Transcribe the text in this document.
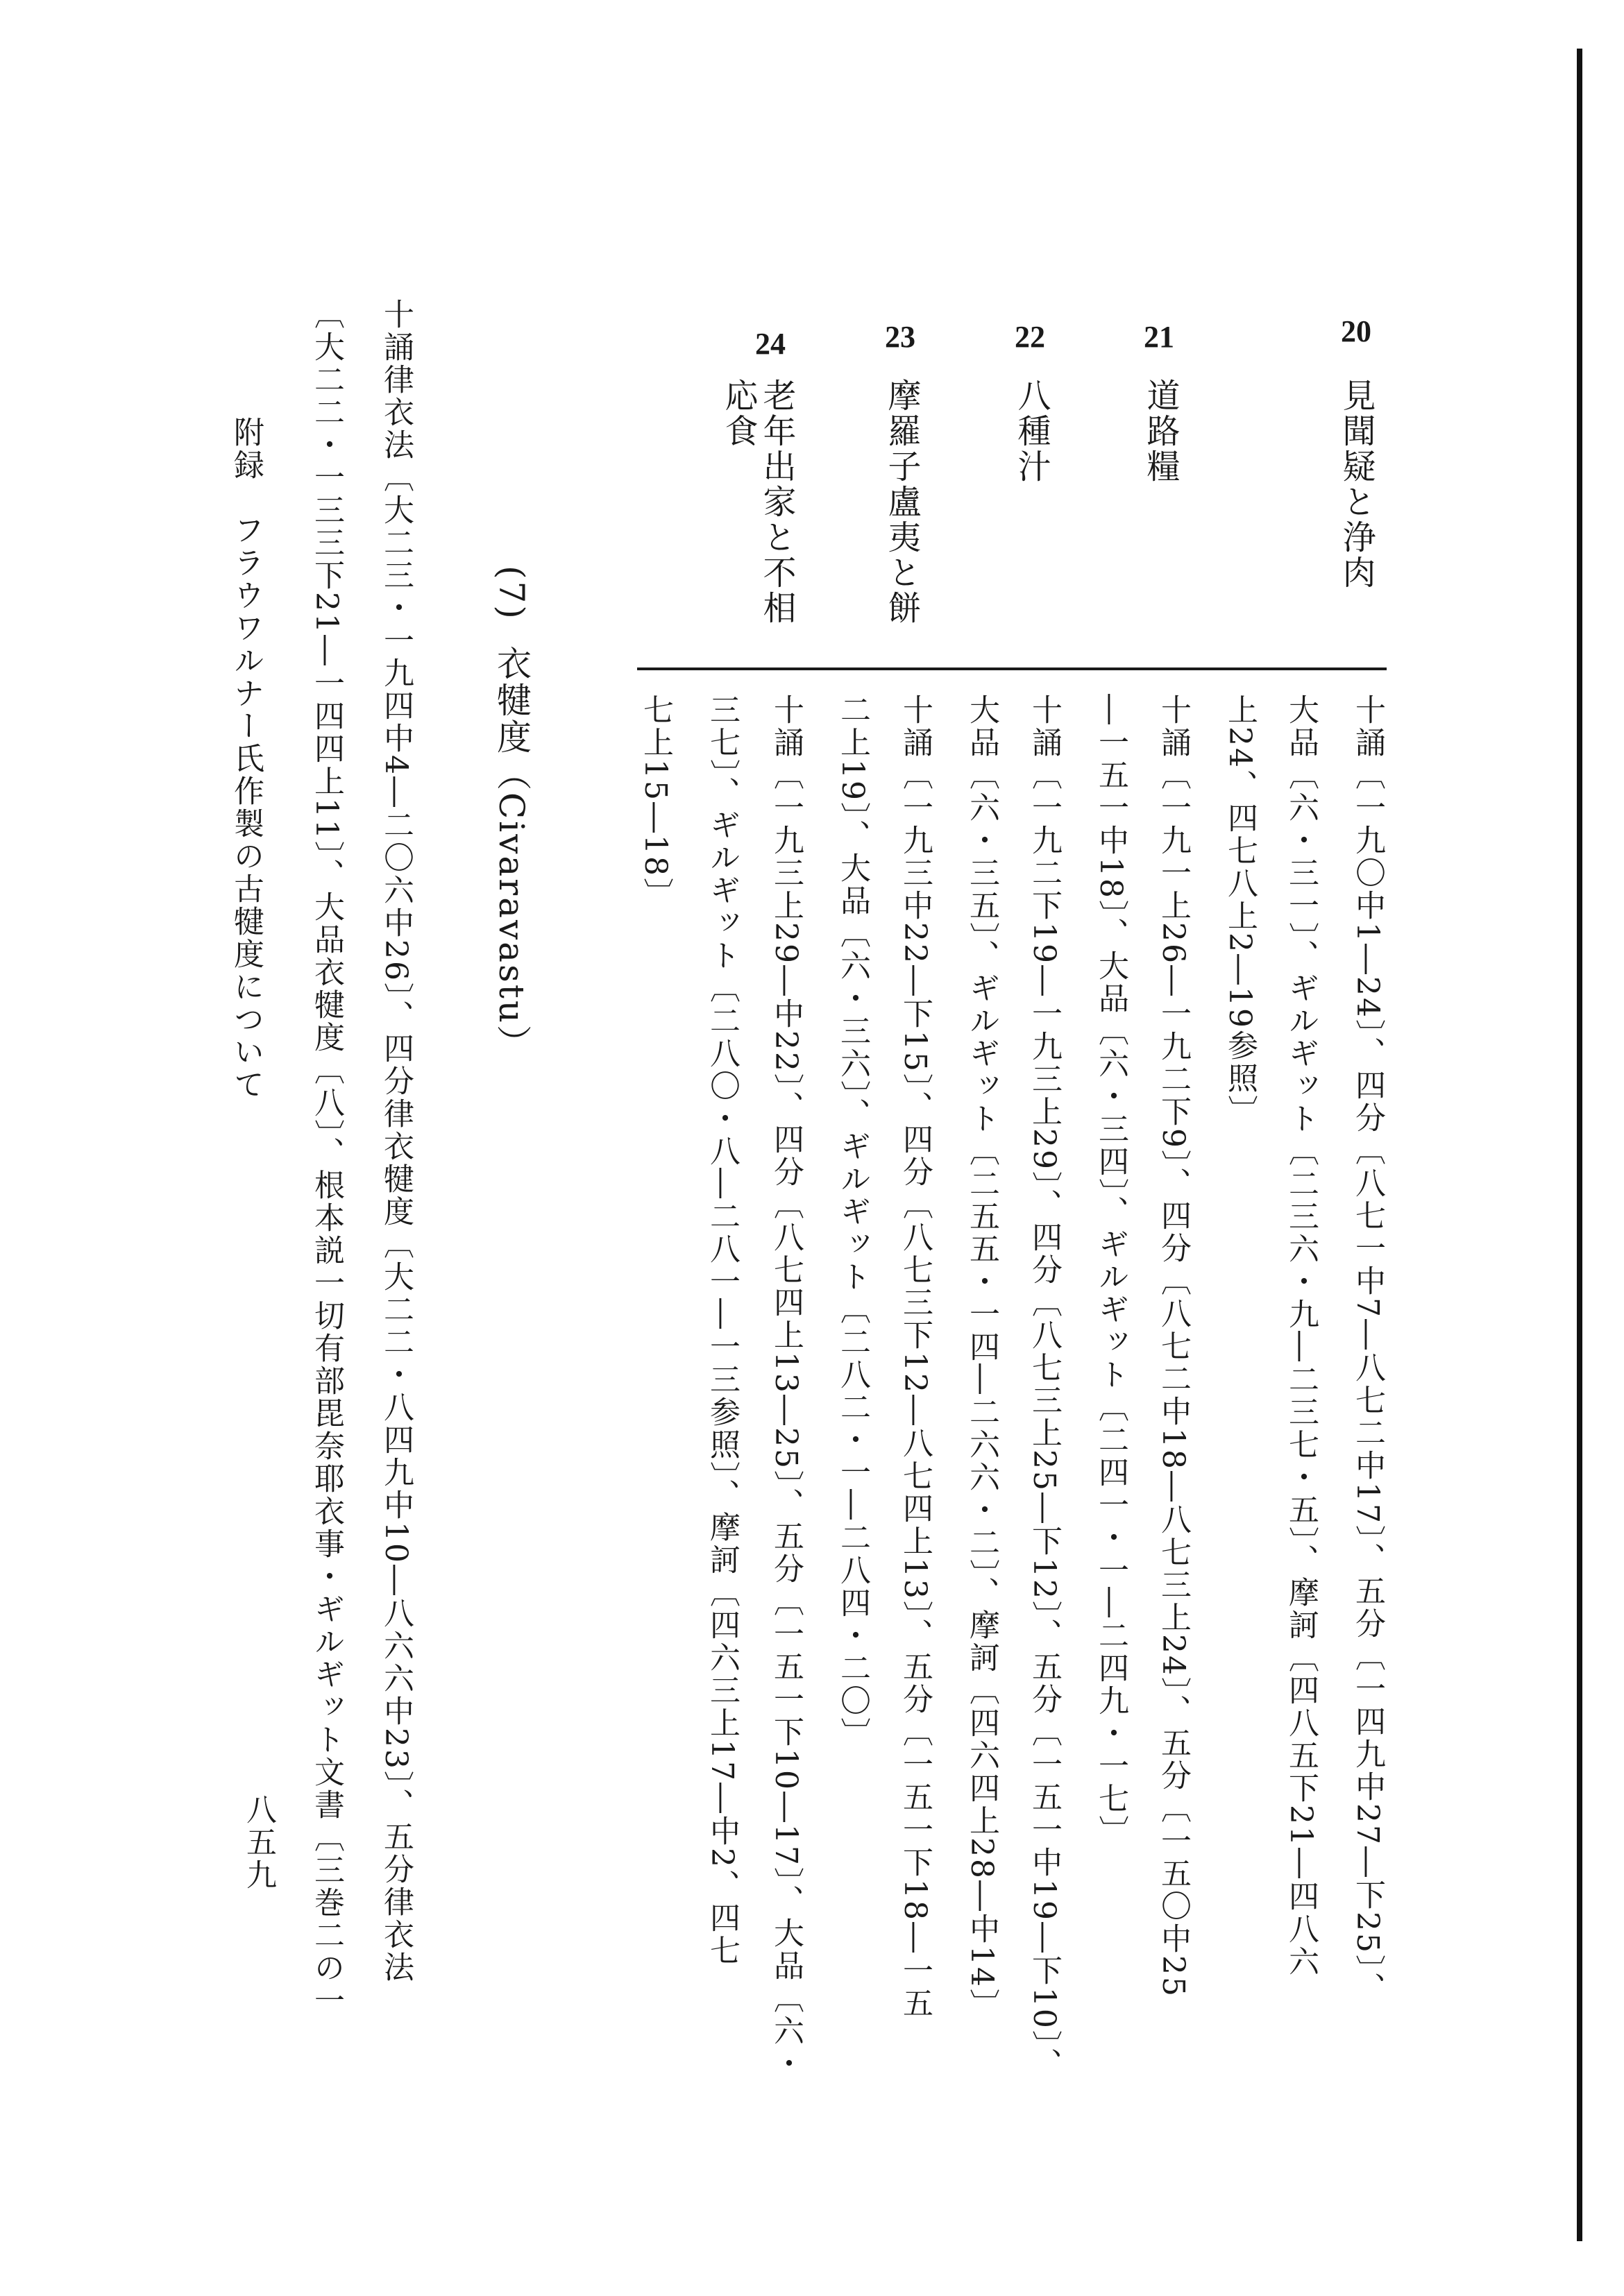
20
21
22
23
24
見聞疑と浄肉
道路糧
八種汁
摩羅子盧夷と餅
老年出家と不相
応食
十誦〔一九〇中1―24〕、四分〔八七一中7―八七二中17〕、五分〔一四九中27―下25〕、
大品〔六・三一〕、ギルギット〔二三六・九―二三七・五〕、摩訶〔四八五下21―四八六
上24、四七八上2―19参照〕
十誦〔一九一上26―一九二下9〕、四分〔八七二中18―八七三上24〕、五分〔一五〇中25
―一五一中18〕、大品〔六・三四〕、ギルギット〔二四一・一―二四九・一七〕
十誦〔一九二下19―一九三上29〕、四分〔八七三上25―下12〕、五分〔一五一中19―下10〕、
大品〔六・三五〕、ギルギット〔二五五・一四―二六六・二〕、摩訶〔四六四上28―中14〕
十誦〔一九三中22―下15〕、四分〔八七三下12―八七四上13〕、五分〔一五一下18―一五
二上19〕、大品〔六・三六〕、ギルギット〔二八二・一―二八四・二〇〕
十誦〔一九三上29―中22〕、四分〔八七四上13―25〕、五分〔一五一下10―17〕、大品〔六・
三七〕、ギルギット〔二八〇・八―二八一―一三参照〕、摩訶〔四六三上17―中2、四七
七上15―18〕
(7)
衣犍度（Civaravastu）
十誦律衣法〔大二三・一九四中4―二〇六中26〕、四分律衣犍度〔大二二・八四九中10―八六六中23〕、五分律衣法
〔大二二・一三三下21―一四四上11〕、大品衣犍度〔八〕、根本説一切有部毘奈耶衣事・ギルギット文書〔三巻二の一
附録　フラウワルナー氏作製の古犍度について
八五九
